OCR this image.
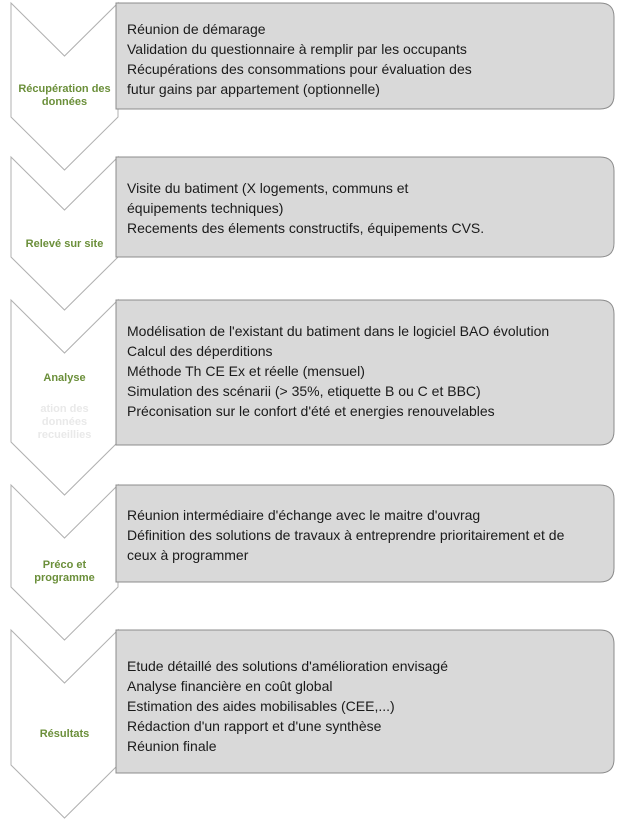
Récupération des
données
Réunion de démarage
Validation du questionnaire à remplir par les occupants
Récupérations des consommations pour évaluation des
futur gains par appartement (optionnelle)
Relevé sur site
Visite du batiment (X logements, communs et
équipements techniques)
Recements des élements constructifs, équipements CVS.
ation des
données
recueillies
Analyse
Modélisation de l'existant du batiment dans le logiciel BAO évolution
Calcul des déperditions
Méthode Th CE Ex et réelle (mensuel)
Simulation des scénarii (> 35%, etiquette B ou C et BBC)
Préconisation sur le confort d'été et energies renouvelables
Préco et
programme
Réunion intermédiaire d'échange avec le maitre d'ouvrag
Définition des solutions de travaux à entreprendre prioritairement et de
ceux à programmer
Résultats
Etude détaillé des solutions d'amélioration envisagé
Analyse financière en coût global
Estimation des aides mobilisables (CEE,...)
Rédaction d'un rapport et d'une synthèse
Réunion finale
